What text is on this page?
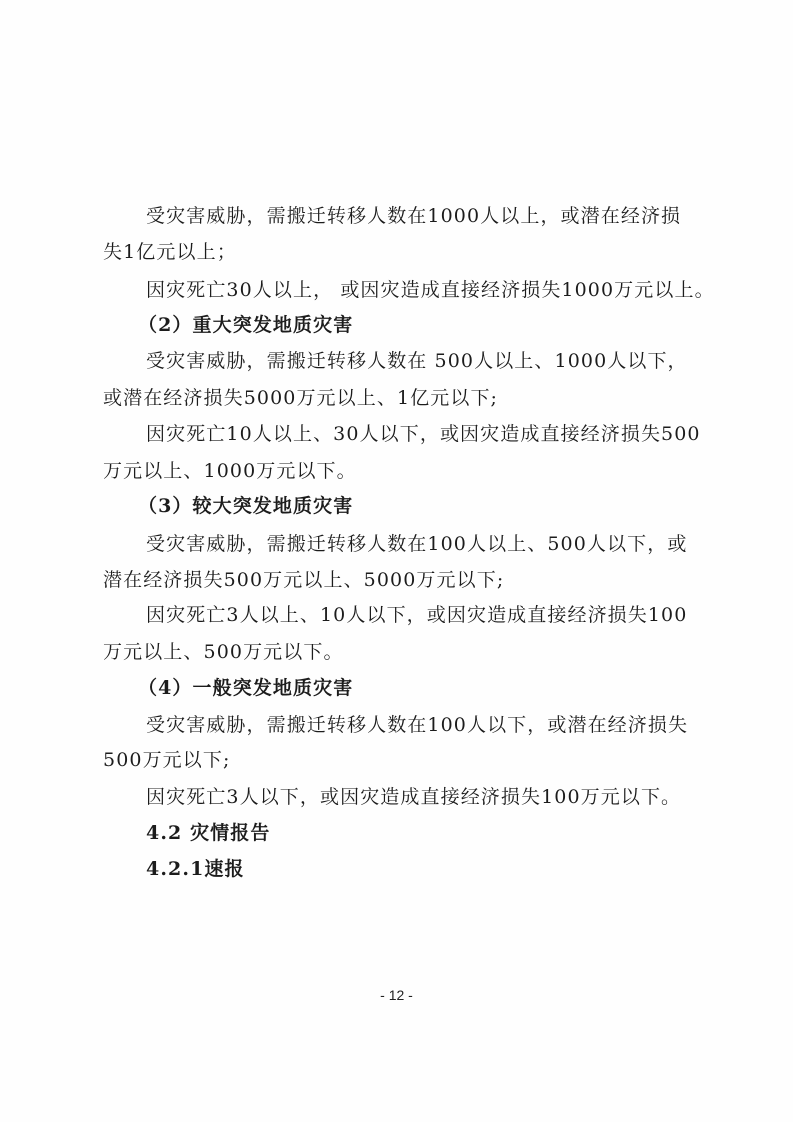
受灾害威胁，需搬迁转移人数在1000人以上，或潜在经济损
失1亿元以上；
因灾死亡30人以上， 或因灾造成直接经济损失1000万元以上。
（2）重大突发地质灾害
受灾害威胁，需搬迁转移人数在 500人以上、1000人以下，
或潜在经济损失5000万元以上、1亿元以下;
因灾死亡10人以上、30人以下，或因灾造成直接经济损失500
万元以上、1000万元以下。
（3）较大突发地质灾害
受灾害威胁，需搬迁转移人数在100人以上、500人以下，或
潜在经济损失500万元以上、5000万元以下;
因灾死亡3人以上、10人以下，或因灾造成直接经济损失100
万元以上、500万元以下。
（4）一般突发地质灾害
受灾害威胁，需搬迁转移人数在100人以下，或潜在经济损失
500万元以下;
因灾死亡3人以下，或因灾造成直接经济损失100万元以下。
4.2 灾情报告
4.2.1速报
- 12 -
